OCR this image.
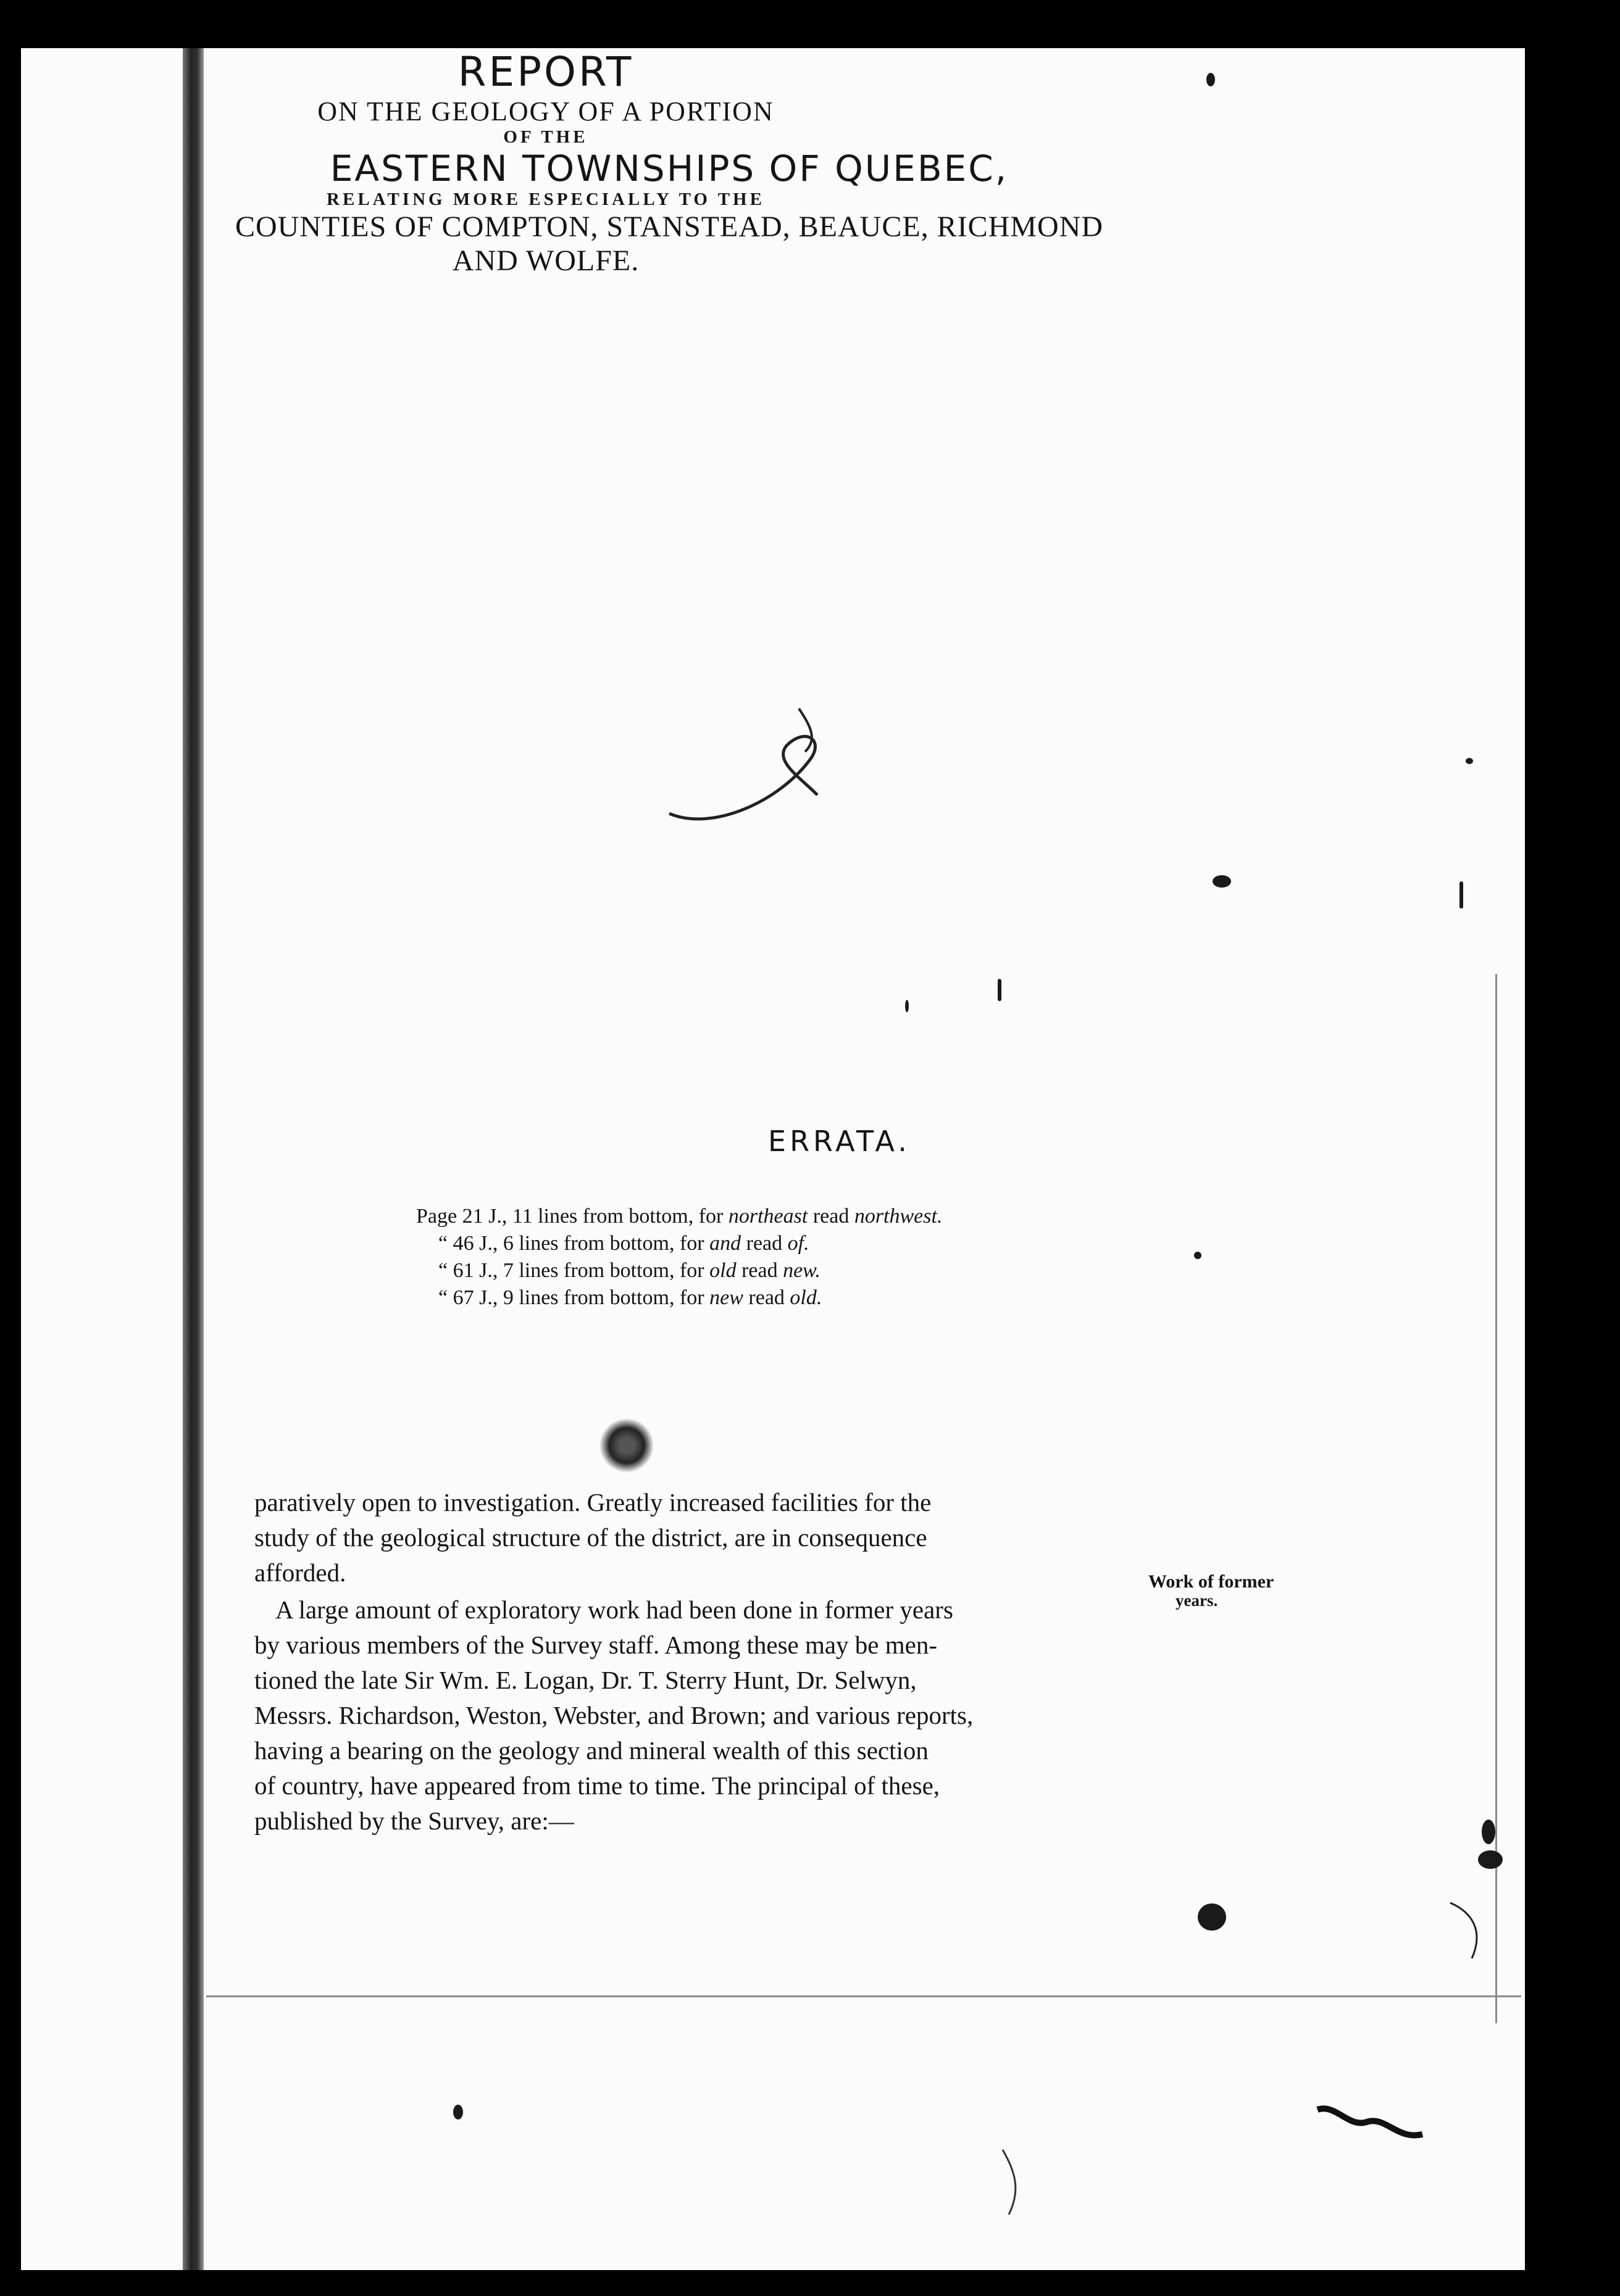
REPORT
ON THE GEOLOGY OF A PORTION
OF THE
EASTERN TOWNSHIPS OF QUEBEC,
RELATING MORE ESPECIALLY TO THE
COUNTIES OF COMPTON, STANSTEAD, BEAUCE, RICHMOND
AND WOLFE.
ERRATA.
Page 21 J., 11 lines from bottom, for northeast read northwest.
“ 46 J., 6 lines from bottom, for and read of.
“ 61 J., 7 lines from bottom, for old read new.
“ 67 J., 9 lines from bottom, for new read old.
paratively open to investigation. Greatly increased facilities for the
study of the geological structure of the district, are in consequence
afforded.
A large amount of exploratory work had been done in former years
by various members of the Survey staff. Among these may be men-
tioned the late Sir Wm. E. Logan, Dr. T. Sterry Hunt, Dr. Selwyn,
Messrs. Richardson, Weston, Webster, and Brown; and various reports,
having a bearing on the geology and mineral wealth of this section
of country, have appeared from time to time. The principal of these,
published by the Survey, are:—
Work of former
years.
